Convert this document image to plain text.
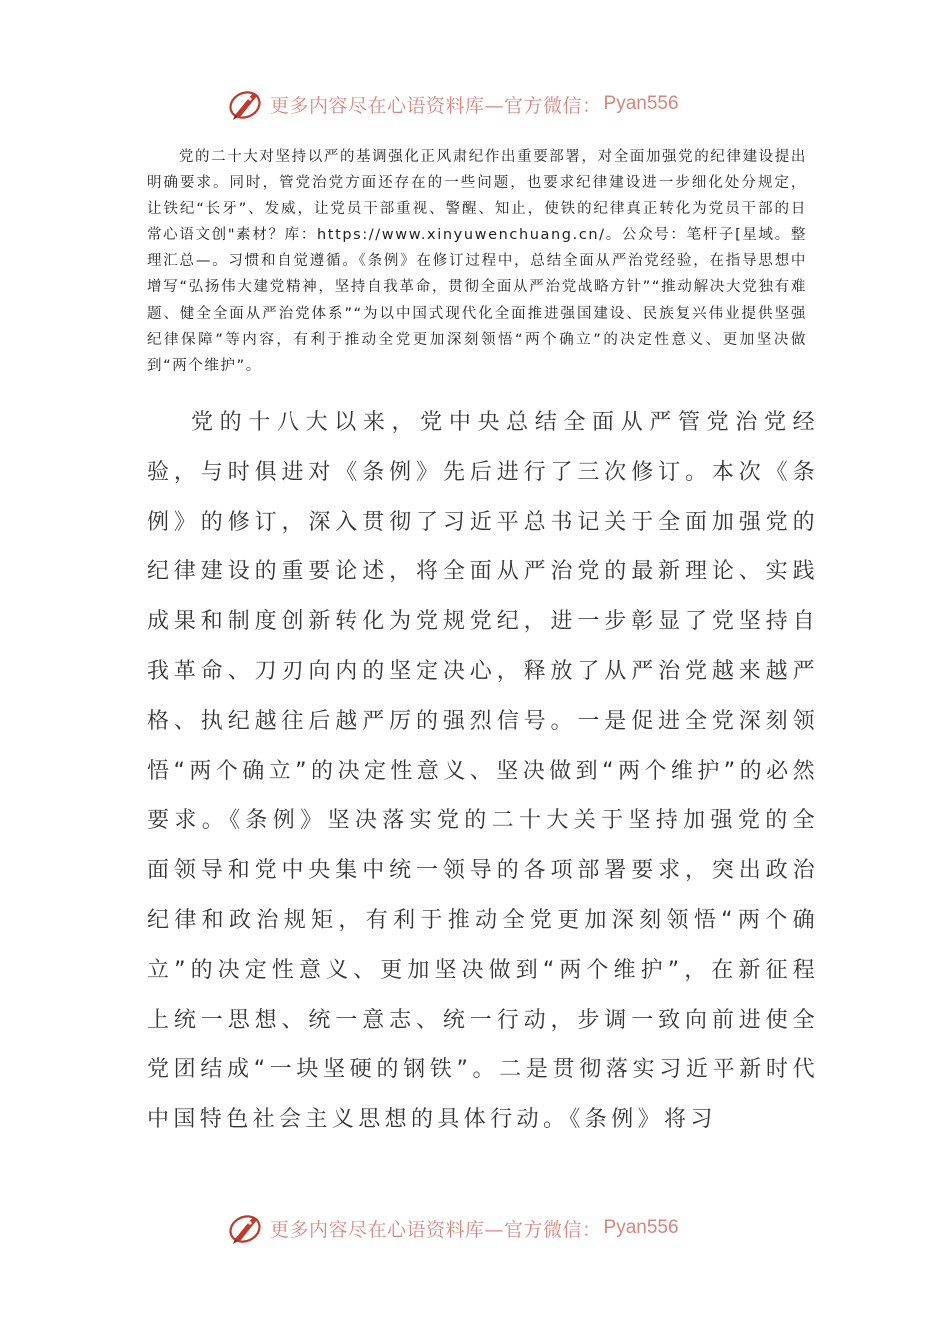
更多内容尽在心语资料库—官方微信： Pyan556

党的二十大对坚持以严的基调强化正风肃纪作出重要部署，对全面加强党的纪律建设提出明确要求。同时，管党治党方面还存在的一些问题，也要求纪律建设进一步细化处分规定，让铁纪“长牙”、发威，让党员干部重视、警醒、知止，使铁的纪律真正转化为党员干部的日常心语文创"素材？库：https://www.xinyuwenchuang.cn/。公众号：笔杆子[星域。整理汇总—。习惯和自觉遵循。《条例》在修订过程中，总结全面从严治党经验，在指导思想中增写“弘扬伟大建党精神，坚持自我革命，贯彻全面从严治党战略方针”“推动解决大党独有难题、健全全面从严治党体系”“为以中国式现代化全面推进强国建设、民族复兴伟业提供坚强纪律保障”等内容，有利于推动全党更加深刻领悟“两个确立”的决定性意义、更加坚决做到“两个维护”。

党的十八大以来，党中央总结全面从严管党治党经验，与时俱进对《条例》先后进行了三次修订。本次《条例》的修订，深入贯彻了习近平总书记关于全面加强党的纪律建设的重要论述，将全面从严治党的最新理论、实践成果和制度创新转化为党规党纪，进一步彰显了党坚持自我革命、刀刃向内的坚定决心，释放了从严治党越来越严格、执纪越往后越严厉的强烈信号。一是促进全党深刻领悟“两个确立”的决定性意义、坚决做到“两个维护”的必然要求。《条例》坚决落实党的二十大关于坚持加强党的全面领导和党中央集中统一领导的各项部署要求，突出政治纪律和政治规矩，有利于推动全党更加深刻领悟“两个确立”的决定性意义、更加坚决做到“两个维护”，在新征程上统一思想、统一意志、统一行动，步调一致向前进使全党团结成“一块坚硬的钢铁”。二是贯彻落实习近平新时代中国特色社会主义思想的具体行动。《条例》将习

更多内容尽在心语资料库—官方微信： Pyan556
